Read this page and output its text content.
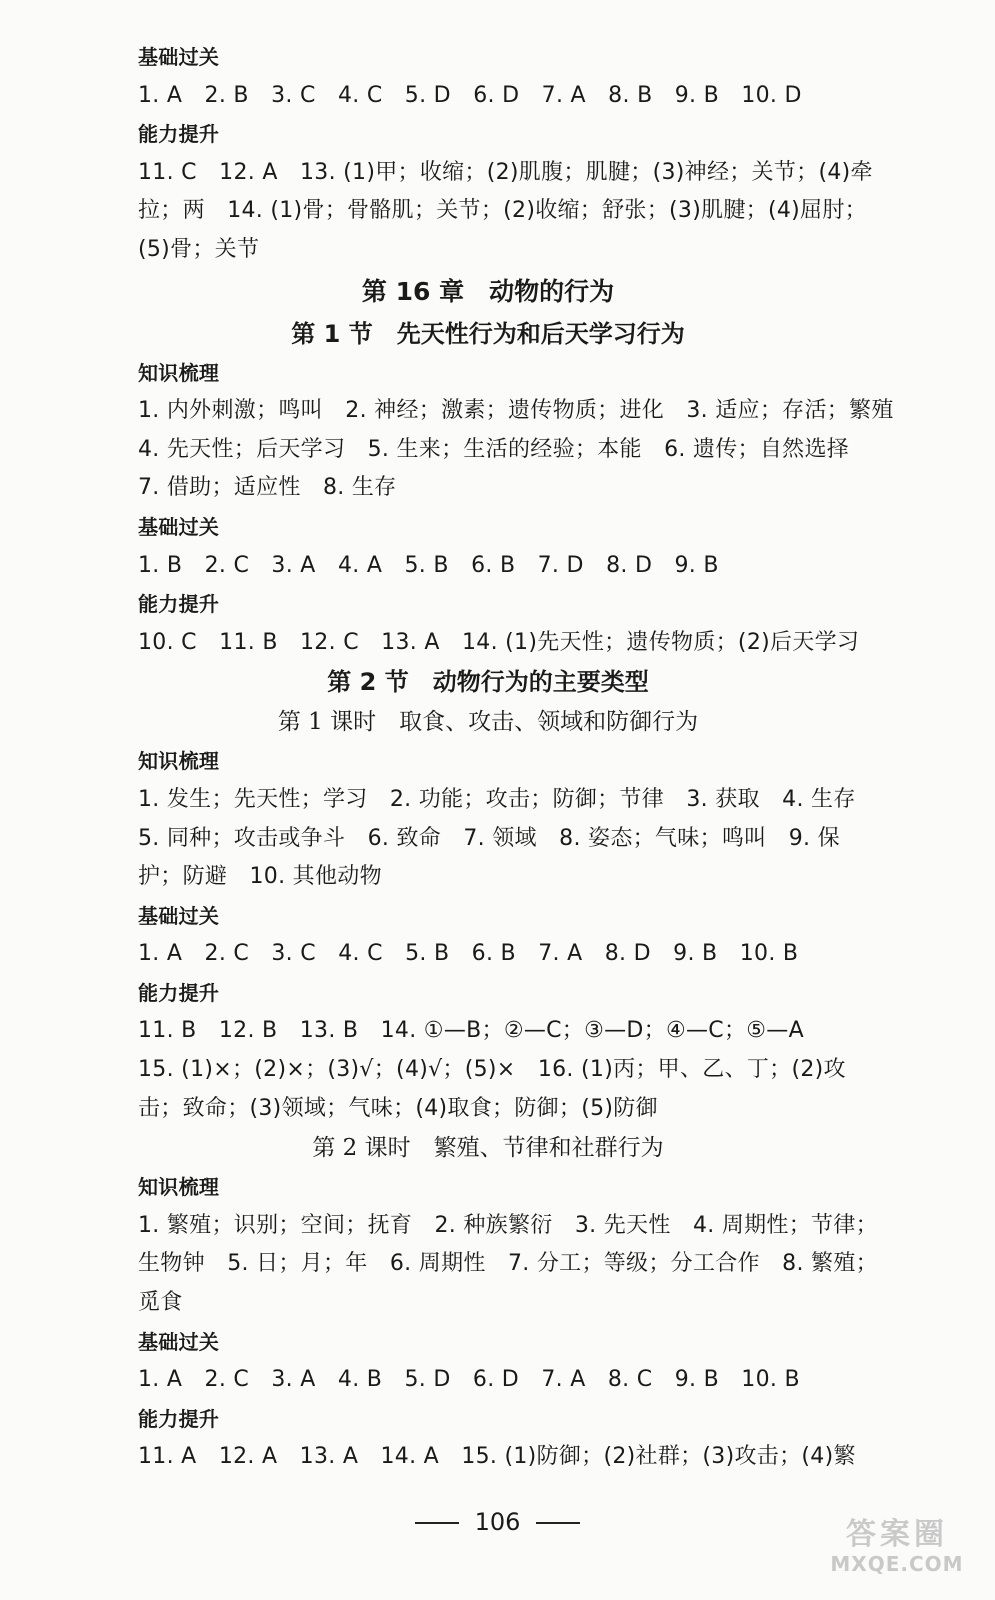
基础过关
1. A　2. B　3. C　4. C　5. D　6. D　7. A　8. B　9. B　10. D
能力提升
11. C　12. A　13. (1)甲；收缩；(2)肌腹；肌腱；(3)神经；关节；(4)牵
拉；两　14. (1)骨；骨骼肌；关节；(2)收缩；舒张；(3)肌腱；(4)屈肘；
(5)骨；关节
第 16 章　动物的行为
第 1 节　先天性行为和后天学习行为
知识梳理
1. 内外刺激；鸣叫　2. 神经；激素；遗传物质；进化　3. 适应；存活；繁殖
4. 先天性；后天学习　5. 生来；生活的经验；本能　6. 遗传；自然选择
7. 借助；适应性　8. 生存
基础过关
1. B　2. C　3. A　4. A　5. B　6. B　7. D　8. D　9. B
能力提升
10. C　11. B　12. C　13. A　14. (1)先天性；遗传物质；(2)后天学习
第 2 节　动物行为的主要类型
第 1 课时　取食、攻击、领域和防御行为
知识梳理
1. 发生；先天性；学习　2. 功能；攻击；防御；节律　3. 获取　4. 生存
5. 同种；攻击或争斗　6. 致命　7. 领域　8. 姿态；气味；鸣叫　9. 保
护；防避　10. 其他动物
基础过关
1. A　2. C　3. C　4. C　5. B　6. B　7. A　8. D　9. B　10. B
能力提升
11. B　12. B　13. B　14. ①—B；②—C；③—D；④—C；⑤—A
15. (1)×；(2)×；(3)√；(4)√；(5)×　16. (1)丙；甲、乙、丁；(2)攻
击；致命；(3)领域；气味；(4)取食；防御；(5)防御
第 2 课时　繁殖、节律和社群行为
知识梳理
1. 繁殖；识别；空间；抚育　2. 种族繁衍　3. 先天性　4. 周期性；节律；
生物钟　5. 日；月；年　6. 周期性　7. 分工；等级；分工合作　8. 繁殖；
觅食
基础过关
1. A　2. C　3. A　4. B　5. D　6. D　7. A　8. C　9. B　10. B
能力提升
11. A　12. A　13. A　14. A　15. (1)防御；(2)社群；(3)攻击；(4)繁
106	答案圈
MXQE.COM
